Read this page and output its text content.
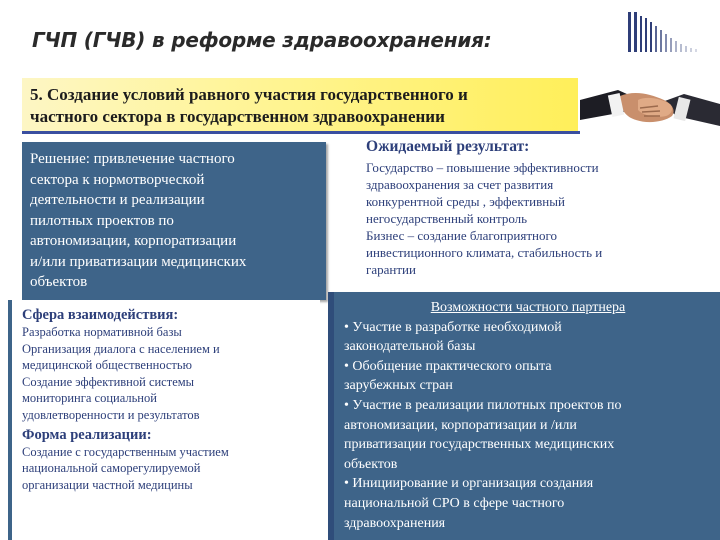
ГЧП (ГЧВ) в реформе здравоохранения:
5. Создание условий равного участия государственного и
частного сектора в государственном здравоохранении
Решение: привлечение частного
сектора к нормотворческой
деятельности и реализации
пилотных проектов по
автономизации, корпоратизации
и/или приватизации медицинских
объектов
Ожидаемый результат:
Государство – повышение эффективности
здравоохранения за счет развития
конкурентной среды , эффективный
негосударственный контроль
Бизнес – создание благоприятного
инвестиционного климата, стабильность и
гарантии
Сфера взаимодействия:
Разработка нормативной базы
Организация диалога с населением и
медицинской общественностью
Создание эффективной системы
мониторинга социальной
удовлетворенности и результатов
Форма реализации:
Создание с государственным участием
национальной саморегулируемой
организации частной медицины
Возможности частного партнера
• Участие в разработке необходимой
законодательной базы
• Обобщение практического опыта
зарубежных стран
• Участие в реализации пилотных проектов по
автономизации, корпоратизации и /или
приватизации государственных медицинских
объектов
• Инициирование и организация создания
национальной СРО в сфере частного
здравоохранения
